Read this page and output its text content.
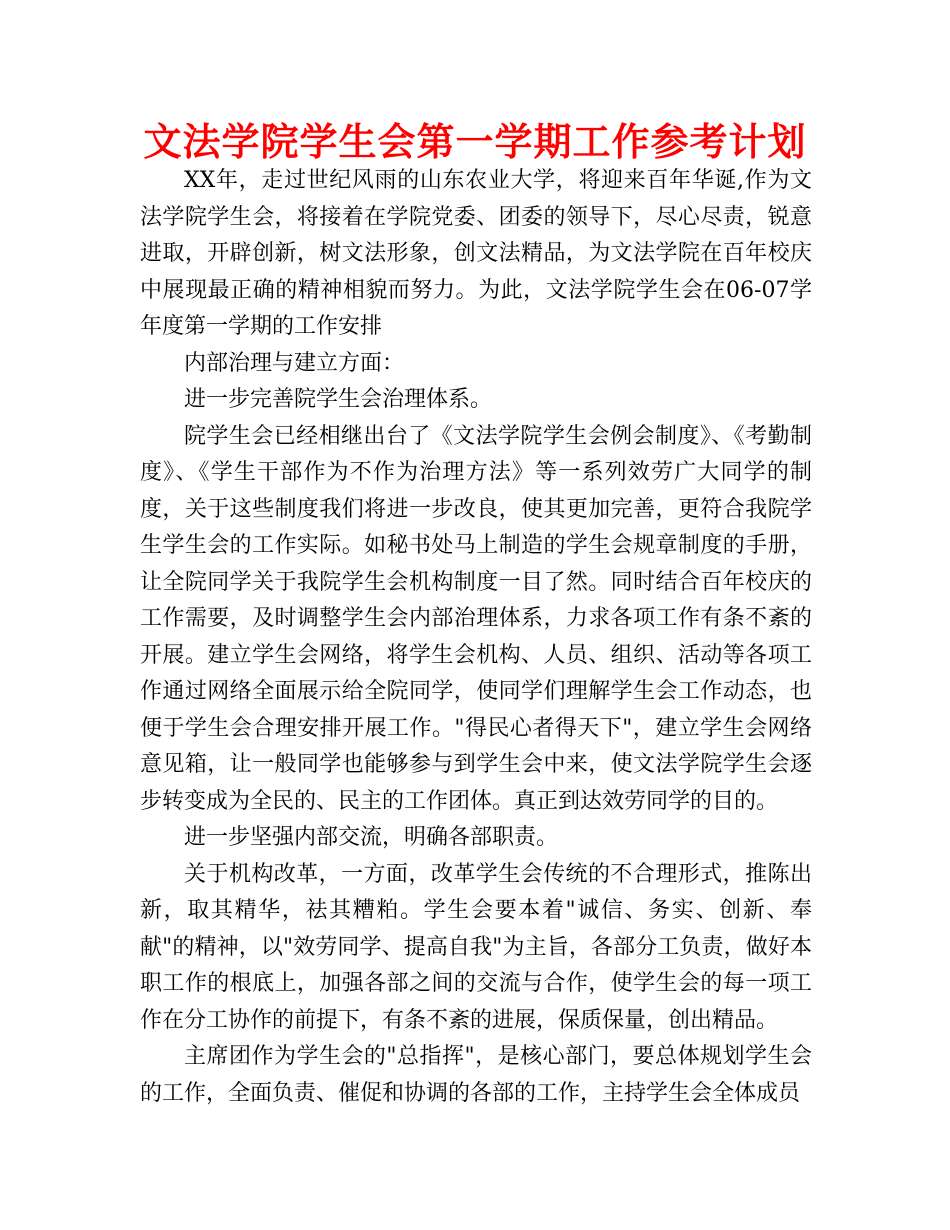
文法学院学生会第一学期工作参考计划

XX年，走过世纪风雨的山东农业大学，将迎来百年华诞,作为文法学院学生会，将接着在学院党委、团委的领导下，尽心尽责，锐意进取，开辟创新，树文法形象，创文法精品，为文法学院在百年校庆中展现最正确的精神相貌而努力。为此，文法学院学生会在06-07学年度第一学期的工作安排

内部治理与建立方面：

进一步完善院学生会治理体系。

院学生会已经相继出台了《文法学院学生会例会制度》、《考勤制度》、《学生干部作为不作为治理方法》等一系列效劳广大同学的制度，关于这些制度我们将进一步改良，使其更加完善，更符合我院学生学生会的工作实际。如秘书处马上制造的学生会规章制度的手册，让全院同学关于我院学生会机构制度一目了然。同时结合百年校庆的工作需要，及时调整学生会内部治理体系，力求各项工作有条不紊的开展。建立学生会网络，将学生会机构、人员、组织、活动等各项工作通过网络全面展示给全院同学，使同学们理解学生会工作动态，也便于学生会合理安排开展工作。"得民心者得天下"，建立学生会网络意见箱，让一般同学也能够参与到学生会中来，使文法学院学生会逐步转变成为全民的、民主的工作团体。真正到达效劳同学的目的。

进一步坚强内部交流，明确各部职责。

关于机构改革，一方面，改革学生会传统的不合理形式，推陈出新，取其精华，祛其糟粕。学生会要本着"诚信、务实、创新、奉献"的精神，以"效劳同学、提高自我"为主旨，各部分工负责，做好本职工作的根底上，加强各部之间的交流与合作，使学生会的每一项工作在分工协作的前提下，有条不紊的进展，保质保量，创出精品。

主席团作为学生会的"总指挥"，是核心部门，要总体规划学生会的工作，全面负责、催促和协调的各部的工作，主持学生会全体成员
